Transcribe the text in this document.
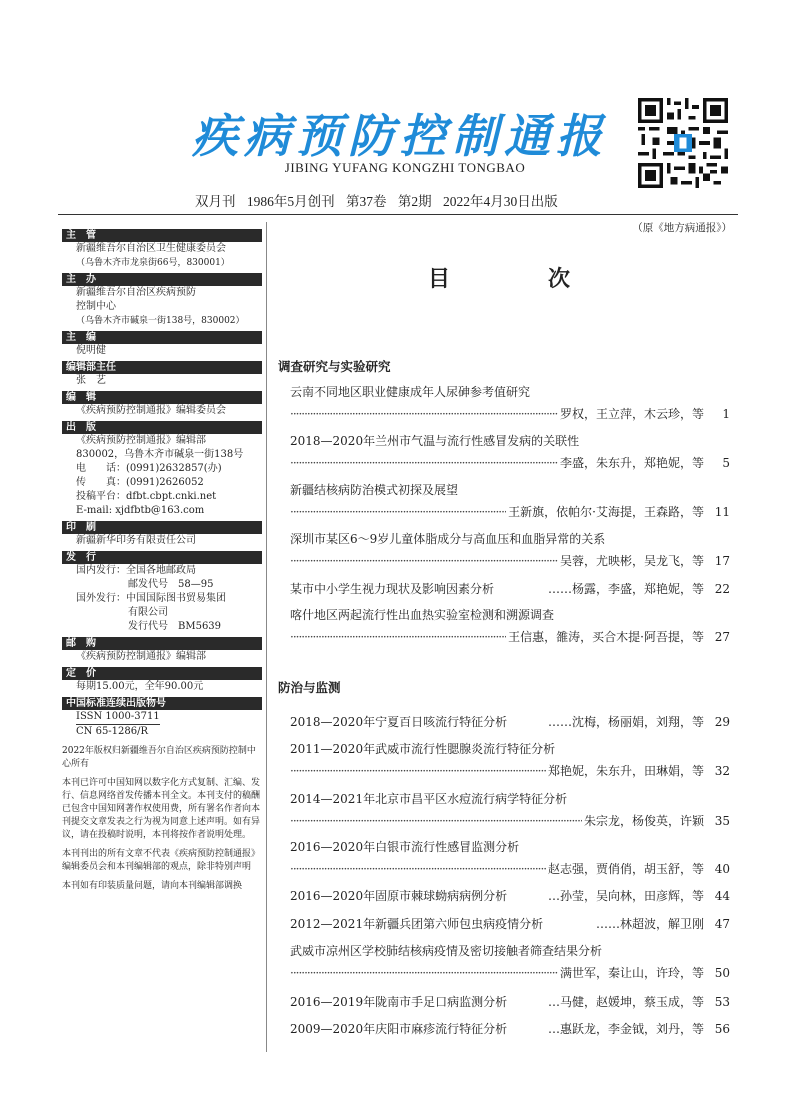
疾病预防控制通报
JIBING YUFANG KONGZHI TONGBAO
双月刊 1986年5月创刊 第37卷 第2期 2022年4月30日出版
（原《地方病通报》）
主　管
新疆维吾尔自治区卫生健康委员会
（乌鲁木齐市龙泉街66号，830001）
主　办
新疆维吾尔自治区疾病预防
控制中心
（乌鲁木齐市碱泉一街138号，830002）
主　编
倪明健
编辑部主任
张　艺
编　辑
《疾病预防控制通报》编辑委员会
出　版
《疾病预防控制通报》编辑部
830002，乌鲁木齐市碱泉一街138号
电　　话：(0991)2632857(办)
传　　真：(0991)2626052
投稿平台：dfbt.cbpt.cnki.net
E-mail: xjdfbtb@163.com
印　刷
新疆新华印务有限责任公司
发　行
国内发行：全国各地邮政局
邮发代号　58—95
国外发行：中国国际图书贸易集团
有限公司
发行代号　BM5639
邮　购
《疾病预防控制通报》编辑部
定　价
每期15.00元，全年90.00元
中国标准连续出版物号
ISSN 1000-3711
CN 65-1286/R
2022年版权归新疆维吾尔自治区疾病预防控制中心所有
本刊已许可中国知网以数字化方式复制、汇编、发行、信息网络首发传播本刊全文。本刊支付的稿酬已包含中国知网著作权使用费，所有署名作者向本刊提交文章发表之行为视为同意上述声明。如有异议，请在投稿时说明，本刊将按作者说明处理。
本刊刊出的所有文章不代表《疾病预防控制通报》编辑委员会和本刊编辑部的观点，除非特别声明
本刊如有印装质量问题，请向本刊编辑部调换
目　次
调查研究与实验研究
云南不同地区职业健康成年人尿砷参考值研究
·····
罗权，王立萍，木云珍，等	1
2018—2020年兰州市气温与流行性感冒发病的关联性
·····
李盛，朱东升，郑艳妮，等	5
新疆结核病防治模式初探及展望
·····
王新旗，依帕尔·艾海提，王森路，等 11
深圳市某区6～9岁儿童体脂成分与高血压和血脂异常的关系
·····
吴蓉，尤映彬，吴龙飞，等 17
某市中小学生视力现状及影响因素分析	……杨露，李盛，郑艳妮，等 22
喀什地区两起流行性出血热实验室检测和溯源调查
·····
王信惠，雒涛，买合木提·阿吾提，等 27
防治与监测
2018—2020年宁夏百日咳流行特征分析	……沈梅，杨丽娟，刘翔，等 29
2011—2020年武威市流行性腮腺炎流行特征分析
·····
郑艳妮，朱东升，田琳娟，等 32
2014—2021年北京市昌平区水痘流行病学特征分析
·····
朱宗龙，杨俊英，许颖 35
2016—2020年白银市流行性感冒监测分析
·····
赵志强，贾俏俏，胡玉舒，等 40
2016—2020年固原市棘球蚴病病例分析	…孙莹，吴向林，田彦辉，等 44
2012—2021年新疆兵团第六师包虫病疫情分析	……林超波，解卫刚 47
武威市凉州区学校肺结核病疫情及密切接触者筛查结果分析
·····
满世军，秦让山，许玲，等 50
2016—2019年陇南市手足口病监测分析	…马健，赵媛坤，蔡玉成，等 53
2009—2020年庆阳市麻疹流行特征分析	…惠跃龙，李金钺，刘丹，等 56
